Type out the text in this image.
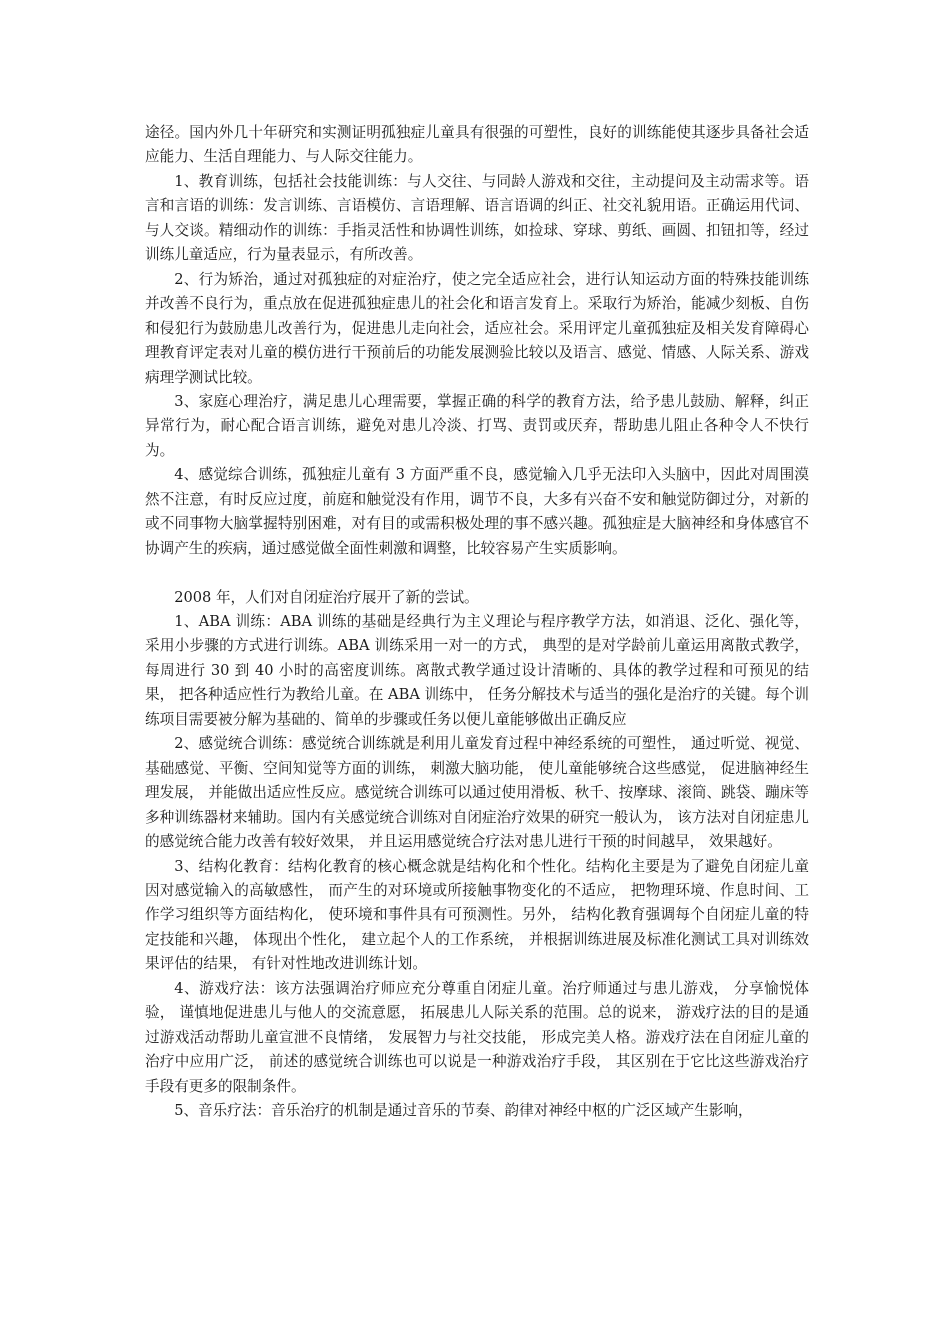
途径。国内外几十年研究和实测证明孤独症儿童具有很强的可塑性，良好的训练能使其逐步具备社会适应能力、生活自理能力、与人际交往能力。

1、教育训练，包括社会技能训练：与人交往、与同龄人游戏和交往，主动提问及主动需求等。语言和言语的训练：发言训练、言语模仿、言语理解、语言语调的纠正、社交礼貌用语。正确运用代词、与人交谈。精细动作的训练：手指灵活性和协调性训练，如捡球、穿球、剪纸、画圆、扣钮扣等，经过训练儿童适应，行为量表显示，有所改善。

2、行为矫治，通过对孤独症的对症治疗，使之完全适应社会，进行认知运动方面的特殊技能训练并改善不良行为，重点放在促进孤独症患儿的社会化和语言发育上。采取行为矫治，能减少刻板、自伤和侵犯行为鼓励患儿改善行为，促进患儿走向社会，适应社会。采用评定儿童孤独症及相关发育障碍心理教育评定表对儿童的模仿进行干预前后的功能发展测验比较以及语言、感觉、情感、人际关系、游戏病理学测试比较。

3、家庭心理治疗，满足患儿心理需要，掌握正确的科学的教育方法，给予患儿鼓励、解释，纠正异常行为，耐心配合语言训练，避免对患儿冷淡、打骂、责罚或厌弃，帮助患儿阻止各种令人不快行为。

4、感觉综合训练，孤独症儿童有 3 方面严重不良，感觉输入几乎无法印入头脑中，因此对周围漠然不注意，有时反应过度，前庭和触觉没有作用，调节不良，大多有兴奋不安和触觉防御过分，对新的或不同事物大脑掌握特别困难，对有目的或需积极处理的事不感兴趣。孤独症是大脑神经和身体感官不协调产生的疾病，通过感觉做全面性刺激和调整，比较容易产生实质影响。

2008 年，人们对自闭症治疗展开了新的尝试。

1、ABA 训练：ABA 训练的基础是经典行为主义理论与程序教学方法，如消退、泛化、强化等， 采用小步骤的方式进行训练。ABA 训练采用一对一的方式， 典型的是对学龄前儿童运用离散式教学， 每周进行 30 到 40 小时的高密度训练。离散式教学通过设计清晰的、具体的教学过程和可预见的结果， 把各种适应性行为教给儿童。在 ABA 训练中， 任务分解技术与适当的强化是治疗的关键。每个训练项目需要被分解为基础的、简单的步骤或任务以便儿童能够做出正确反应

2、感觉统合训练：感觉统合训练就是利用儿童发育过程中神经系统的可塑性， 通过听觉、视觉、基础感觉、平衡、空间知觉等方面的训练， 刺激大脑功能， 使儿童能够统合这些感觉， 促进脑神经生理发展， 并能做出适应性反应。感觉统合训练可以通过使用滑板、秋千、按摩球、滚筒、跳袋、蹦床等多种训练器材来辅助。国内有关感觉统合训练对自闭症治疗效果的研究一般认为， 该方法对自闭症患儿的感觉统合能力改善有较好效果， 并且运用感觉统合疗法对患儿进行干预的时间越早， 效果越好。

3、结构化教育：结构化教育的核心概念就是结构化和个性化。结构化主要是为了避免自闭症儿童因对感觉输入的高敏感性， 而产生的对环境或所接触事物变化的不适应， 把物理环境、作息时间、工作学习组织等方面结构化， 使环境和事件具有可预测性。另外， 结构化教育强调每个自闭症儿童的特定技能和兴趣， 体现出个性化， 建立起个人的工作系统， 并根据训练进展及标准化测试工具对训练效果评估的结果， 有针对性地改进训练计划。

4、游戏疗法：该方法强调治疗师应充分尊重自闭症儿童。治疗师通过与患儿游戏， 分享愉悦体验， 谨慎地促进患儿与他人的交流意愿， 拓展患儿人际关系的范围。总的说来， 游戏疗法的目的是通过游戏活动帮助儿童宣泄不良情绪， 发展智力与社交技能， 形成完美人格。游戏疗法在自闭症儿童的治疗中应用广泛， 前述的感觉统合训练也可以说是一种游戏治疗手段， 其区别在于它比这些游戏治疗手段有更多的限制条件。

5、音乐疗法：音乐治疗的机制是通过音乐的节奏、韵律对神经中枢的广泛区域产生影响，
